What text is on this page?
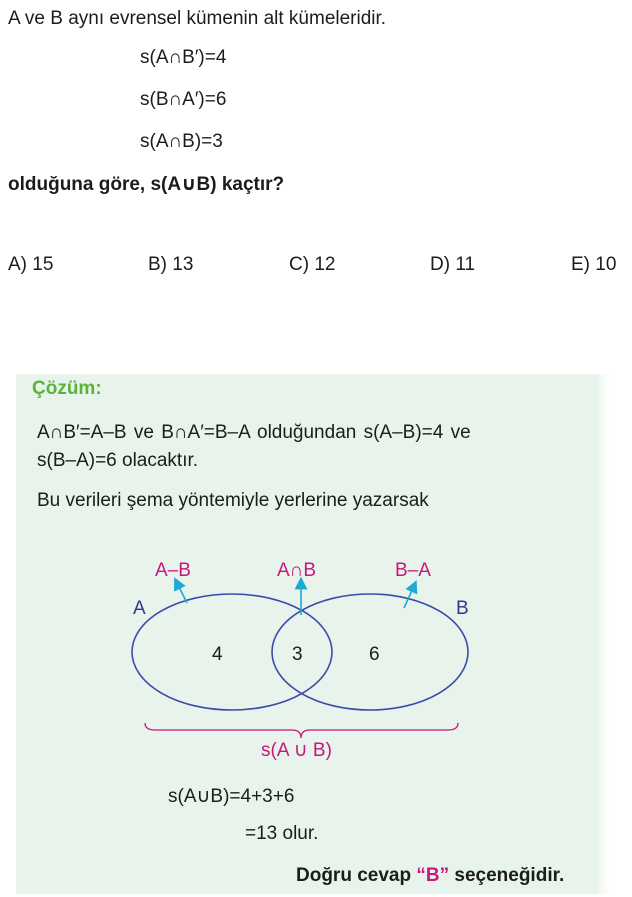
A ve B aynı evrensel kümenin alt kümeleridir.
s(A∩B′)=4
s(B∩A′)=6
s(A∩B)=3
olduğuna göre, s(A∪B) kaçtır?
A) 15	B) 13	C) 12	D) 11	E) 10
Çözüm:
A∩B′=A–B ve B∩A′=B–A olduğundan s(A–B)=4 ve
s(B–A)=6 olacaktır.
Bu verileri şema yöntemiyle yerlerine yazarsak
A–B	A∩B	B–A
A	B
4	3	6
s(A ∪ B)
s(A∪B)=4+3+6
=13 olur.
Doğru cevap “B” seçeneğidir.
